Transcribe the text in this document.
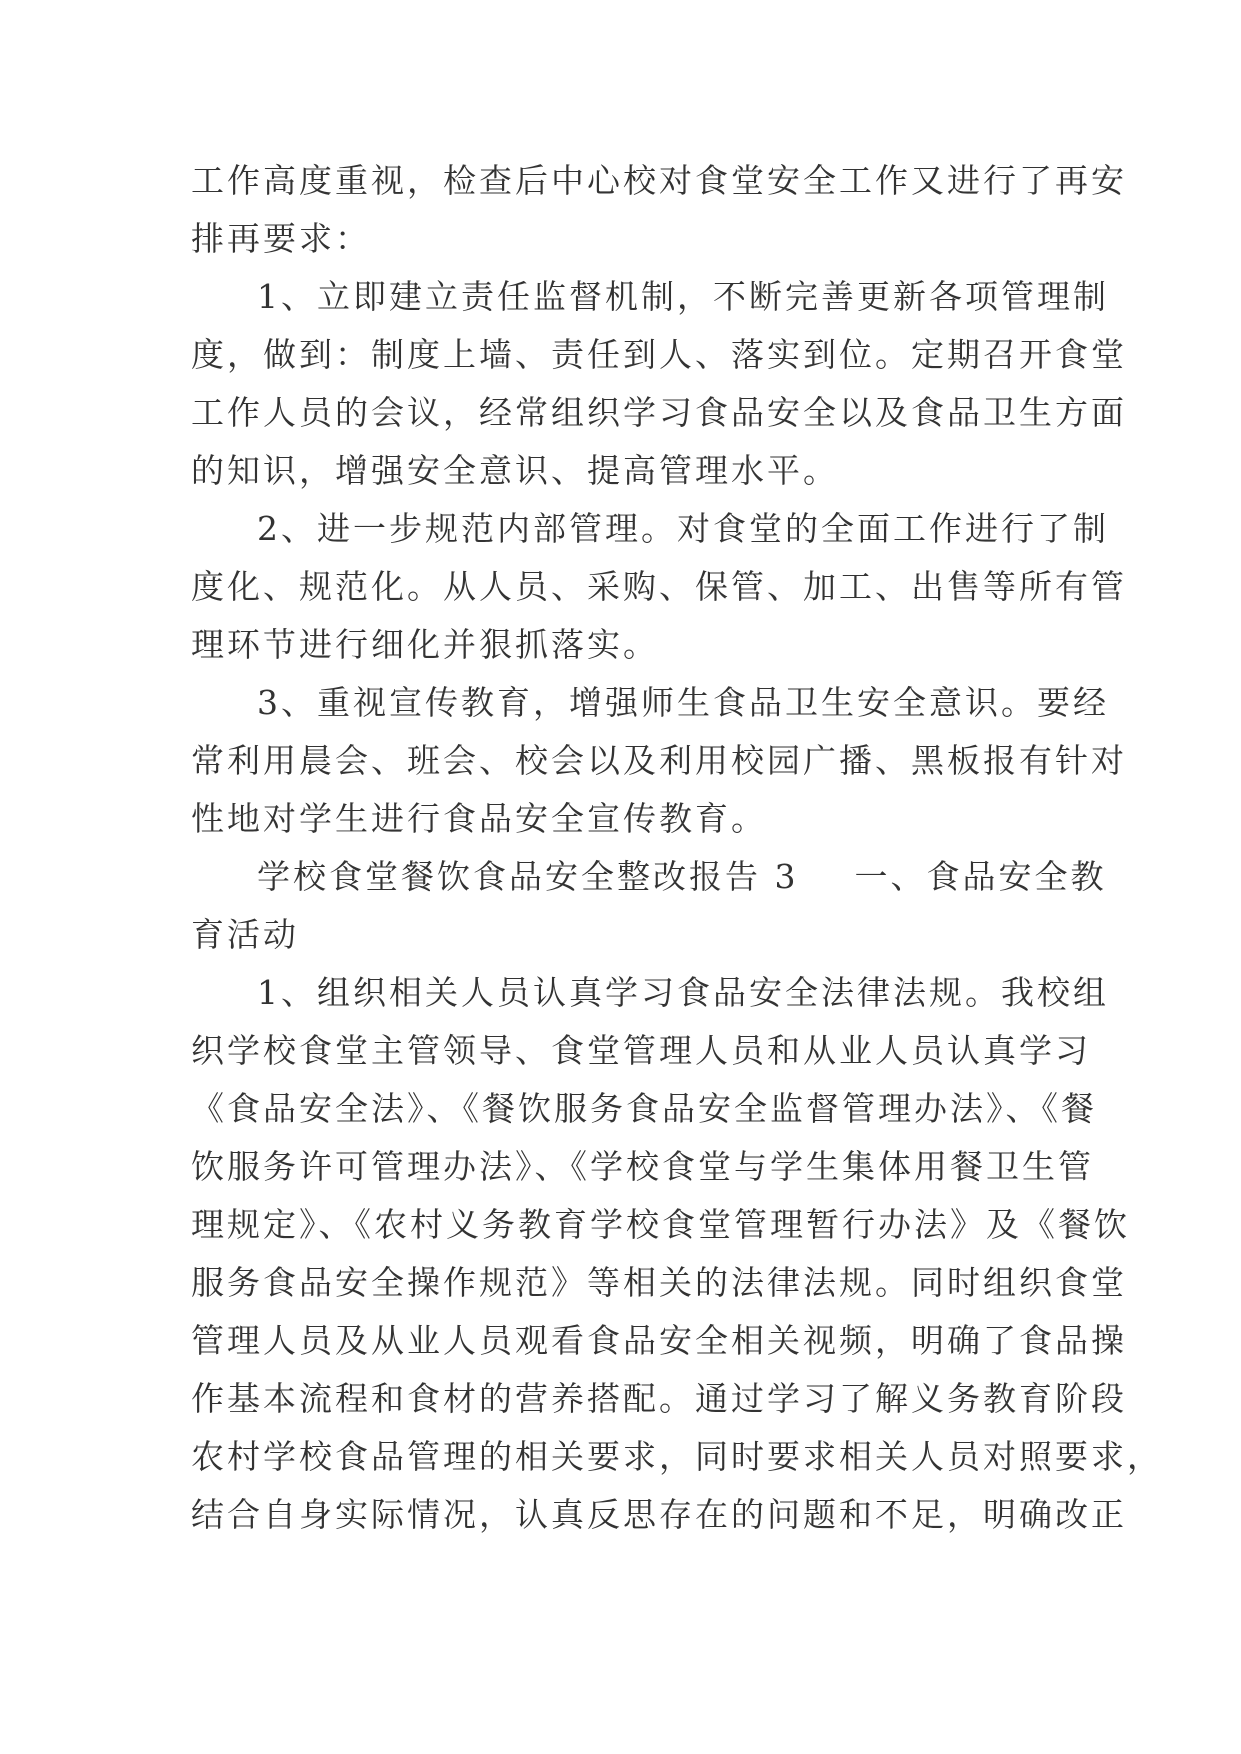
工作高度重视，检查后中心校对食堂安全工作又进行了再安
排再要求：
1、立即建立责任监督机制，不断完善更新各项管理制
度，做到：制度上墙、责任到人、落实到位。定期召开食堂
工作人员的会议，经常组织学习食品安全以及食品卫生方面
的知识，增强安全意识、提高管理水平。
2、进一步规范内部管理。对食堂的全面工作进行了制
度化、规范化。从人员、采购、保管、加工、出售等所有管
理环节进行细化并狠抓落实。
3、重视宣传教育，增强师生食品卫生安全意识。要经
常利用晨会、班会、校会以及利用校园广播、黑板报有针对
性地对学生进行食品安全宣传教育。
学校食堂餐饮食品安全整改报告 3 一、食品安全教
育活动
1、组织相关人员认真学习食品安全法律法规。我校组
织学校食堂主管领导、食堂管理人员和从业人员认真学习
《食品安全法》、《餐饮服务食品安全监督管理办法》、《餐
饮服务许可管理办法》、《学校食堂与学生集体用餐卫生管
理规定》、《农村义务教育学校食堂管理暂行办法》及《餐饮
服务食品安全操作规范》等相关的法律法规。同时组织食堂
管理人员及从业人员观看食品安全相关视频，明确了食品操
作基本流程和食材的营养搭配。通过学习了解义务教育阶段
农村学校食品管理的相关要求，同时要求相关人员对照要求，
结合自身实际情况，认真反思存在的问题和不足，明确改正
